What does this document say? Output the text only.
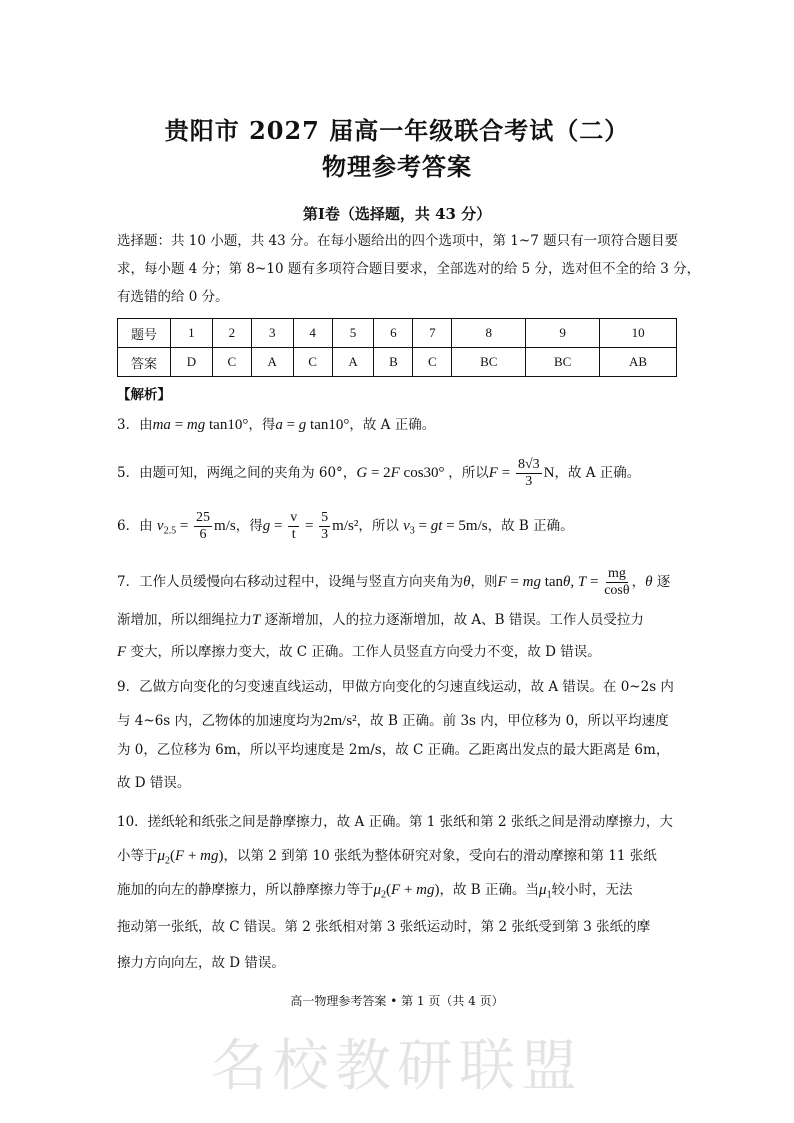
贵阳市 2027 届高一年级联合考试（二）
物理参考答案
第Ⅰ卷（选择题，共 43 分）
选择题：共 10 小题，共 43 分。在每小题给出的四个选项中，第 1~7 题只有一项符合题目要
求，每小题 4 分；第 8~10 题有多项符合题目要求，全部选对的给 5 分，选对但不全的给 3 分，
有选错的给 0 分。
题号	1	2	3	4	5	6	7	8	9	10
答案	D	C	A	C	A	B	C	BC	BC	AB
【解析】
3．由ma = mg tan10°，得a = g tan10°，故 A 正确。
5．由题可知，两绳之间的夹角为 60°，G = 2F cos30° ，所以$F = \frac{8√3}{3}$ N，故 A 正确。
6．由 $v_{2.5} = \frac{25}{6} m/s$，得$g = \frac{v}{t} = \frac{5}{3} m/s^2$，所以 $v_3$ = gt = 5m/s，故 B 正确。
7．工作人员缓慢向右移动过程中，设绳与竖直方向夹角为θ，则F = mg tanθ, $T = \frac{mg}{\cos\theta}$ ，θ 逐
渐增加，所以细绳拉力T 逐渐增加，人的拉力逐渐增加，故 A、B 错误。工作人员受拉力
F 变大，所以摩擦力变大，故 C 正确。工作人员竖直方向受力不变，故 D 错误。
9．乙做方向变化的匀变速直线运动，甲做方向变化的匀速直线运动，故 A 错误。在 0~2s 内
与 4~6s 内，乙物体的加速度均为2m/s²，故 B 正确。前 3s 内，甲位移为 0，所以平均速度
为 0，乙位移为 6m，所以平均速度是 2m/s，故 C 正确。乙距离出发点的最大距离是 6m，
故 D 错误。
10．搓纸轮和纸张之间是静摩擦力，故 A 正确。第 1 张纸和第 2 张纸之间是滑动摩擦力，大
小等于$\mu_2(F + mg)$，以第 2 到第 10 张纸为整体研究对象，受向右的滑动摩擦和第 11 张纸
施加的向左的静摩擦力，所以静摩擦力等于$\mu_2(F + mg)$，故 B 正确。当$\mu_1$较小时，无法
拖动第一张纸，故 C 错误。第 2 张纸相对第 3 张纸运动时，第 2 张纸受到第 3 张纸的摩
擦力方向向左，故 D 错误。
高一物理参考答案 • 第 1 页（共 4 页）
名校教研联盟
